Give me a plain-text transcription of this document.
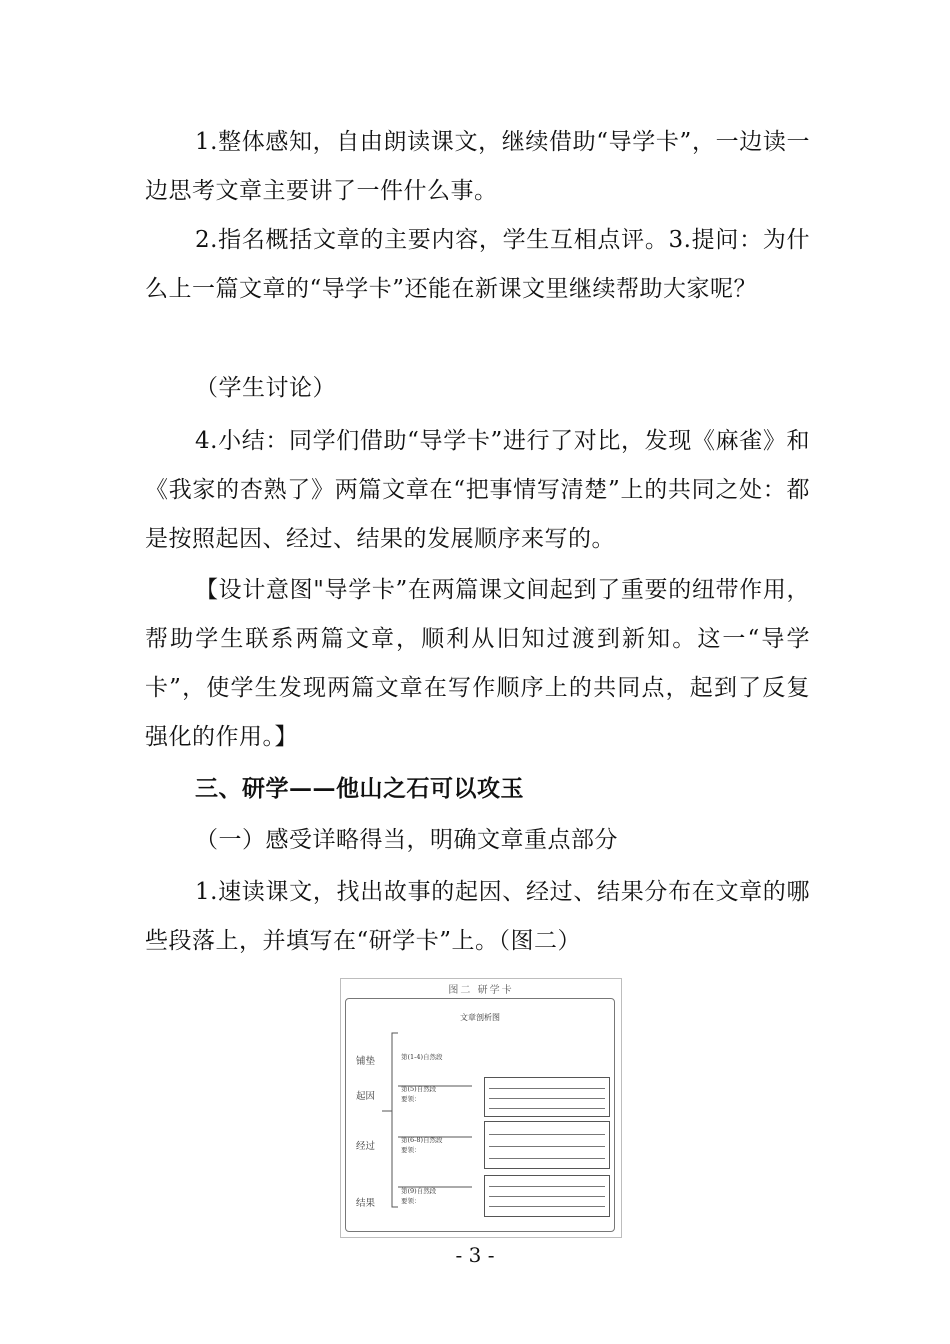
1.整体感知，自由朗读课文，继续借助“导学卡”，一边读一边思考文章主要讲了一件什么事。

2.指名概括文章的主要内容，学生互相点评。3.提问：为什么上一篇文章的“导学卡”还能在新课文里继续帮助大家呢？

（学生讨论）

4.小结：同学们借助“导学卡”进行了对比，发现《麻雀》和《我家的杏熟了》两篇文章在“把事情写清楚”上的共同之处：都是按照起因、经过、结果的发展顺序来写的。

【设计意图"导学卡”在两篇课文间起到了重要的纽带作用，帮助学生联系两篇文章，顺利从旧知过渡到新知。这一“导学卡”，使学生发现两篇文章在写作顺序上的共同点，起到了反复强化的作用。】

三、研学——他山之石可以攻玉

（一）感受详略得当，明确文章重点部分

1.速读课文，找出故事的起因、经过、结果分布在文章的哪些段落上，并填写在“研学卡”上。（图二）

图二 研学卡
文章剖析图
铺垫	第(1-4)自然段
起因
第(5)自然段
要领：
经过
第(6-8)自然段
要领：
结果
第(9)自然段
要领：
- 3 -
